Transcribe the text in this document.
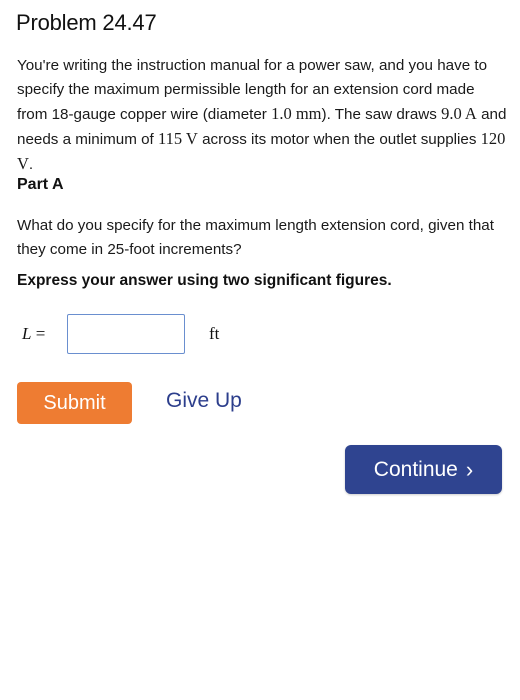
Problem 24.47
You're writing the instruction manual for a power saw, and you have to specify the maximum permissible length for an extension cord made from 18-gauge copper wire (diameter 1.0 mm). The saw draws 9.0 A and needs a minimum of 115 V across its motor when the outlet supplies 120 V.
Part A
What do you specify for the maximum length extension cord, given that they come in 25-foot increments?
Express your answer using two significant figures.
L =	ft
Submit	Give Up
Continue ›
